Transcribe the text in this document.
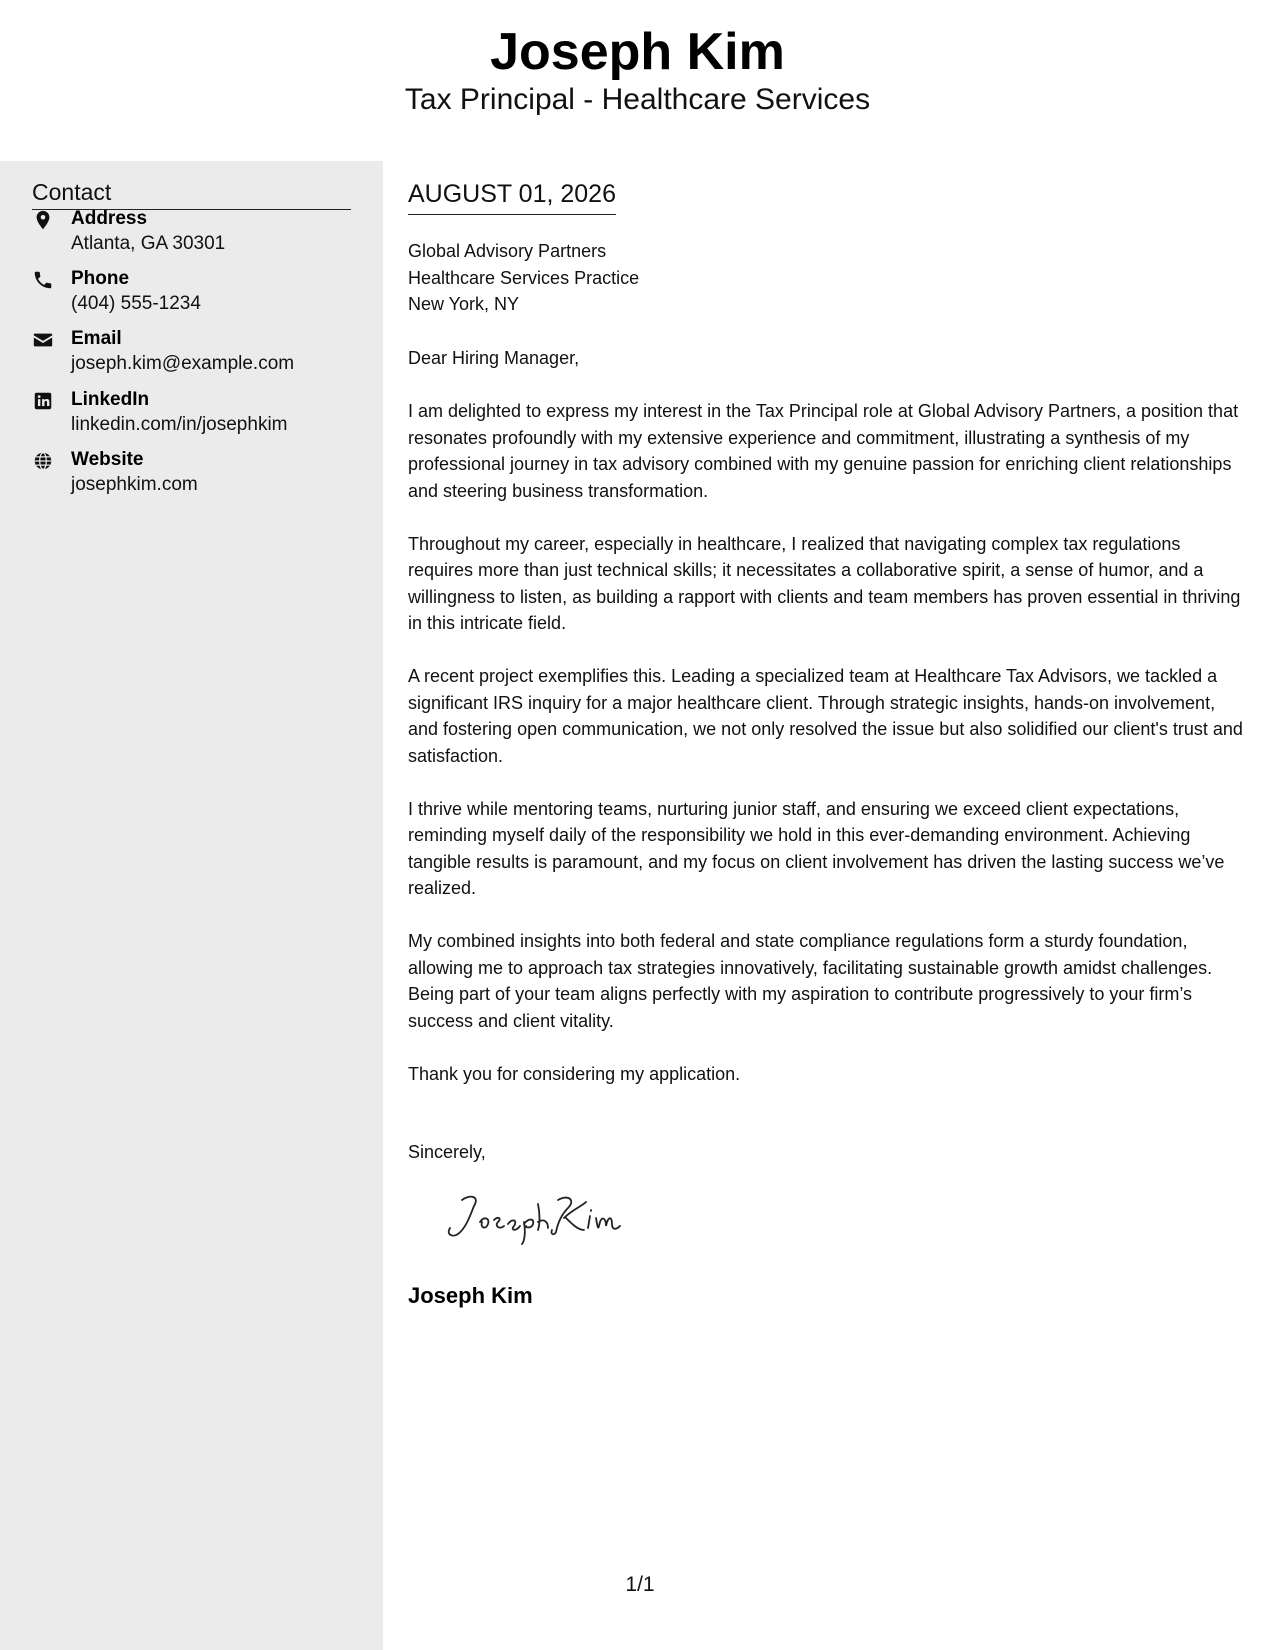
Joseph Kim
Tax Principal - Healthcare Services
Contact
Address
Atlanta, GA 30301
Phone
(404) 555-1234
Email
joseph.kim@example.com
LinkedIn
linkedin.com/in/josephkim
Website
josephkim.com
AUGUST 01, 2026
Global Advisory Partners
Healthcare Services Practice
New York, NY

Dear Hiring Manager,

I am delighted to express my interest in the Tax Principal role at Global Advisory Partners, a position that resonates profoundly with my extensive experience and commitment, illustrating a synthesis of my professional journey in tax advisory combined with my genuine passion for enriching client relationships and steering business transformation.

Throughout my career, especially in healthcare, I realized that navigating complex tax regulations requires more than just technical skills; it necessitates a collaborative spirit, a sense of humor, and a willingness to listen, as building a rapport with clients and team members has proven essential in thriving in this intricate field.

A recent project exemplifies this. Leading a specialized team at Healthcare Tax Advisors, we tackled a significant IRS inquiry for a major healthcare client. Through strategic insights, hands-on involvement, and fostering open communication, we not only resolved the issue but also solidified our client's trust and satisfaction.

I thrive while mentoring teams, nurturing junior staff, and ensuring we exceed client expectations, reminding myself daily of the responsibility we hold in this ever-demanding environment. Achieving tangible results is paramount, and my focus on client involvement has driven the lasting success we’ve realized.

My combined insights into both federal and state compliance regulations form a sturdy foundation, allowing me to approach tax strategies innovatively, facilitating sustainable growth amidst challenges. Being part of your team aligns perfectly with my aspiration to contribute progressively to your firm’s success and client vitality.

Thank you for considering my application.

Sincerely,
Joseph Kim
1/1
